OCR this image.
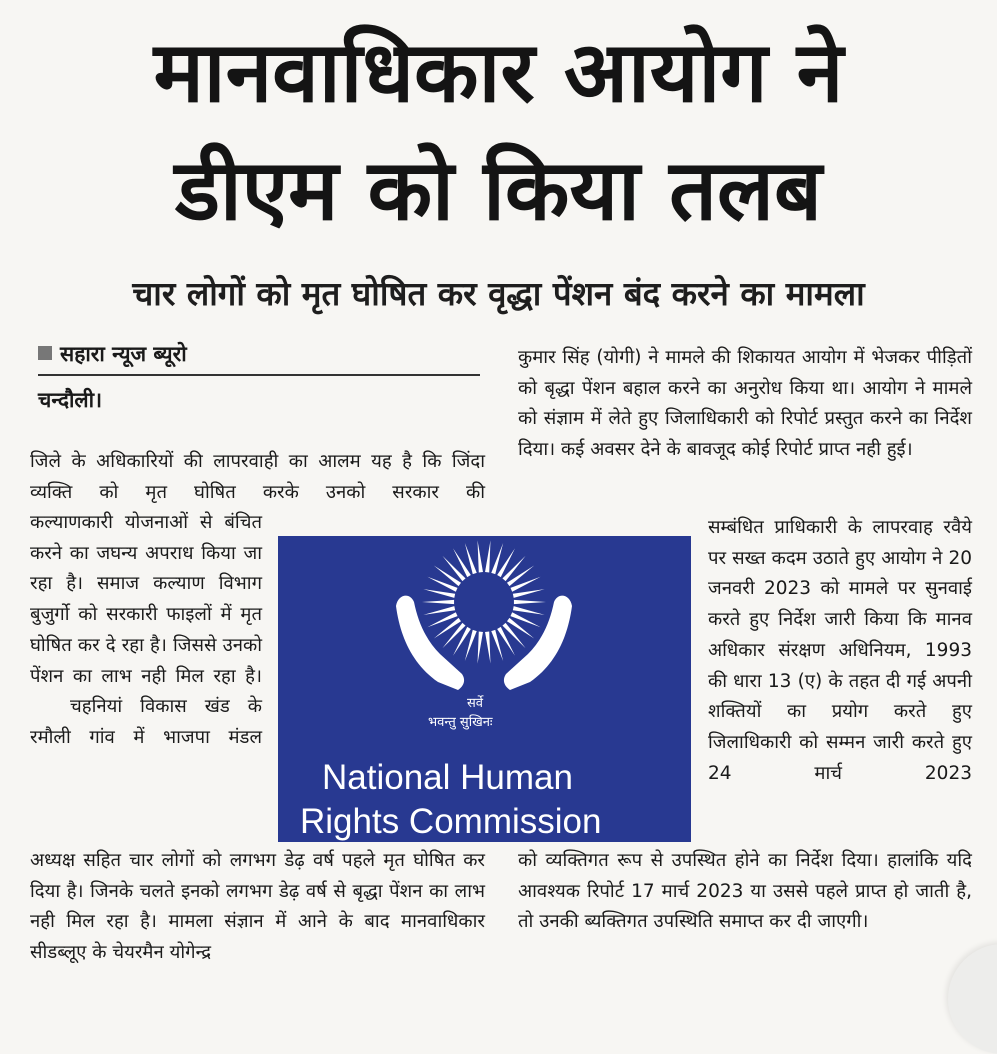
मानवाधिकार आयोग ने
डीएम को किया तलब
चार लोगों को मृत घोषित कर वृद्धा पेंशन बंद करने का मामला
सहारा न्यूज ब्यूरो
चन्दौली।
जिले के अधिकारियों की लापरवाही का आलम यह है कि जिंदा व्यक्ति को मृत घोषित करके उनको सरकार की
कल्याणकारी योजनाओं से बंचित करने का जघन्य अपराध किया जा रहा है। समाज कल्याण विभाग बुजुर्गो को सरकारी फाइलों में मृत घोषित कर दे रहा है। जिससे उनको पेंशन का लाभ नही मिल रहा है।
चहनियां विकास खंड के रमौली गांव में भाजपा मंडल
अध्यक्ष सहित चार लोगों को लगभग डेढ़ वर्ष पहले मृत घोषित कर दिया है। जिनके चलते इनको लगभग डेढ़ वर्ष से बृद्धा पेंशन का लाभ नही मिल रहा है। मामला संज्ञान में आने के बाद मानवाधिकार सीडब्लूए के चेयरमैन योगेन्द्र
कुमार सिंह (योगी) ने मामले की शिकायत आयोग में भेजकर पीड़ितों को बृद्धा पेंशन बहाल करने का अनुरोध किया था। आयोग ने मामले को संज्ञाम में लेते हुए जिलाधिकारी को रिपोर्ट प्रस्तुत करने का निर्देश दिया। कई अवसर देने के बावजूद कोई रिपोर्ट प्राप्त नही हुई।
सम्बंधित प्राधिकारी के लापरवाह रवैये पर सख्त कदम उठाते हुए आयोग ने 20 जनवरी 2023 को मामले पर सुनवाई करते हुए निर्देश जारी किया कि मानव अधिकार संरक्षण अधिनियम, 1993 की धारा 13 (ए) के तहत दी गई अपनी शक्तियों का प्रयोग करते हुए जिलाधिकारी को सम्मन जारी करते हुए 24 मार्च 2023
को व्यक्तिगत रूप से उपस्थित होने का निर्देश दिया। हालांकि यदि आवश्यक रिपोर्ट 17 मार्च 2023 या उससे पहले प्राप्त हो जाती है, तो उनकी ब्यक्तिगत उपस्थिति समाप्त कर दी जाएगी।
सर्वे
भवन्तु सुखिनः
National Human
Rights Commission
